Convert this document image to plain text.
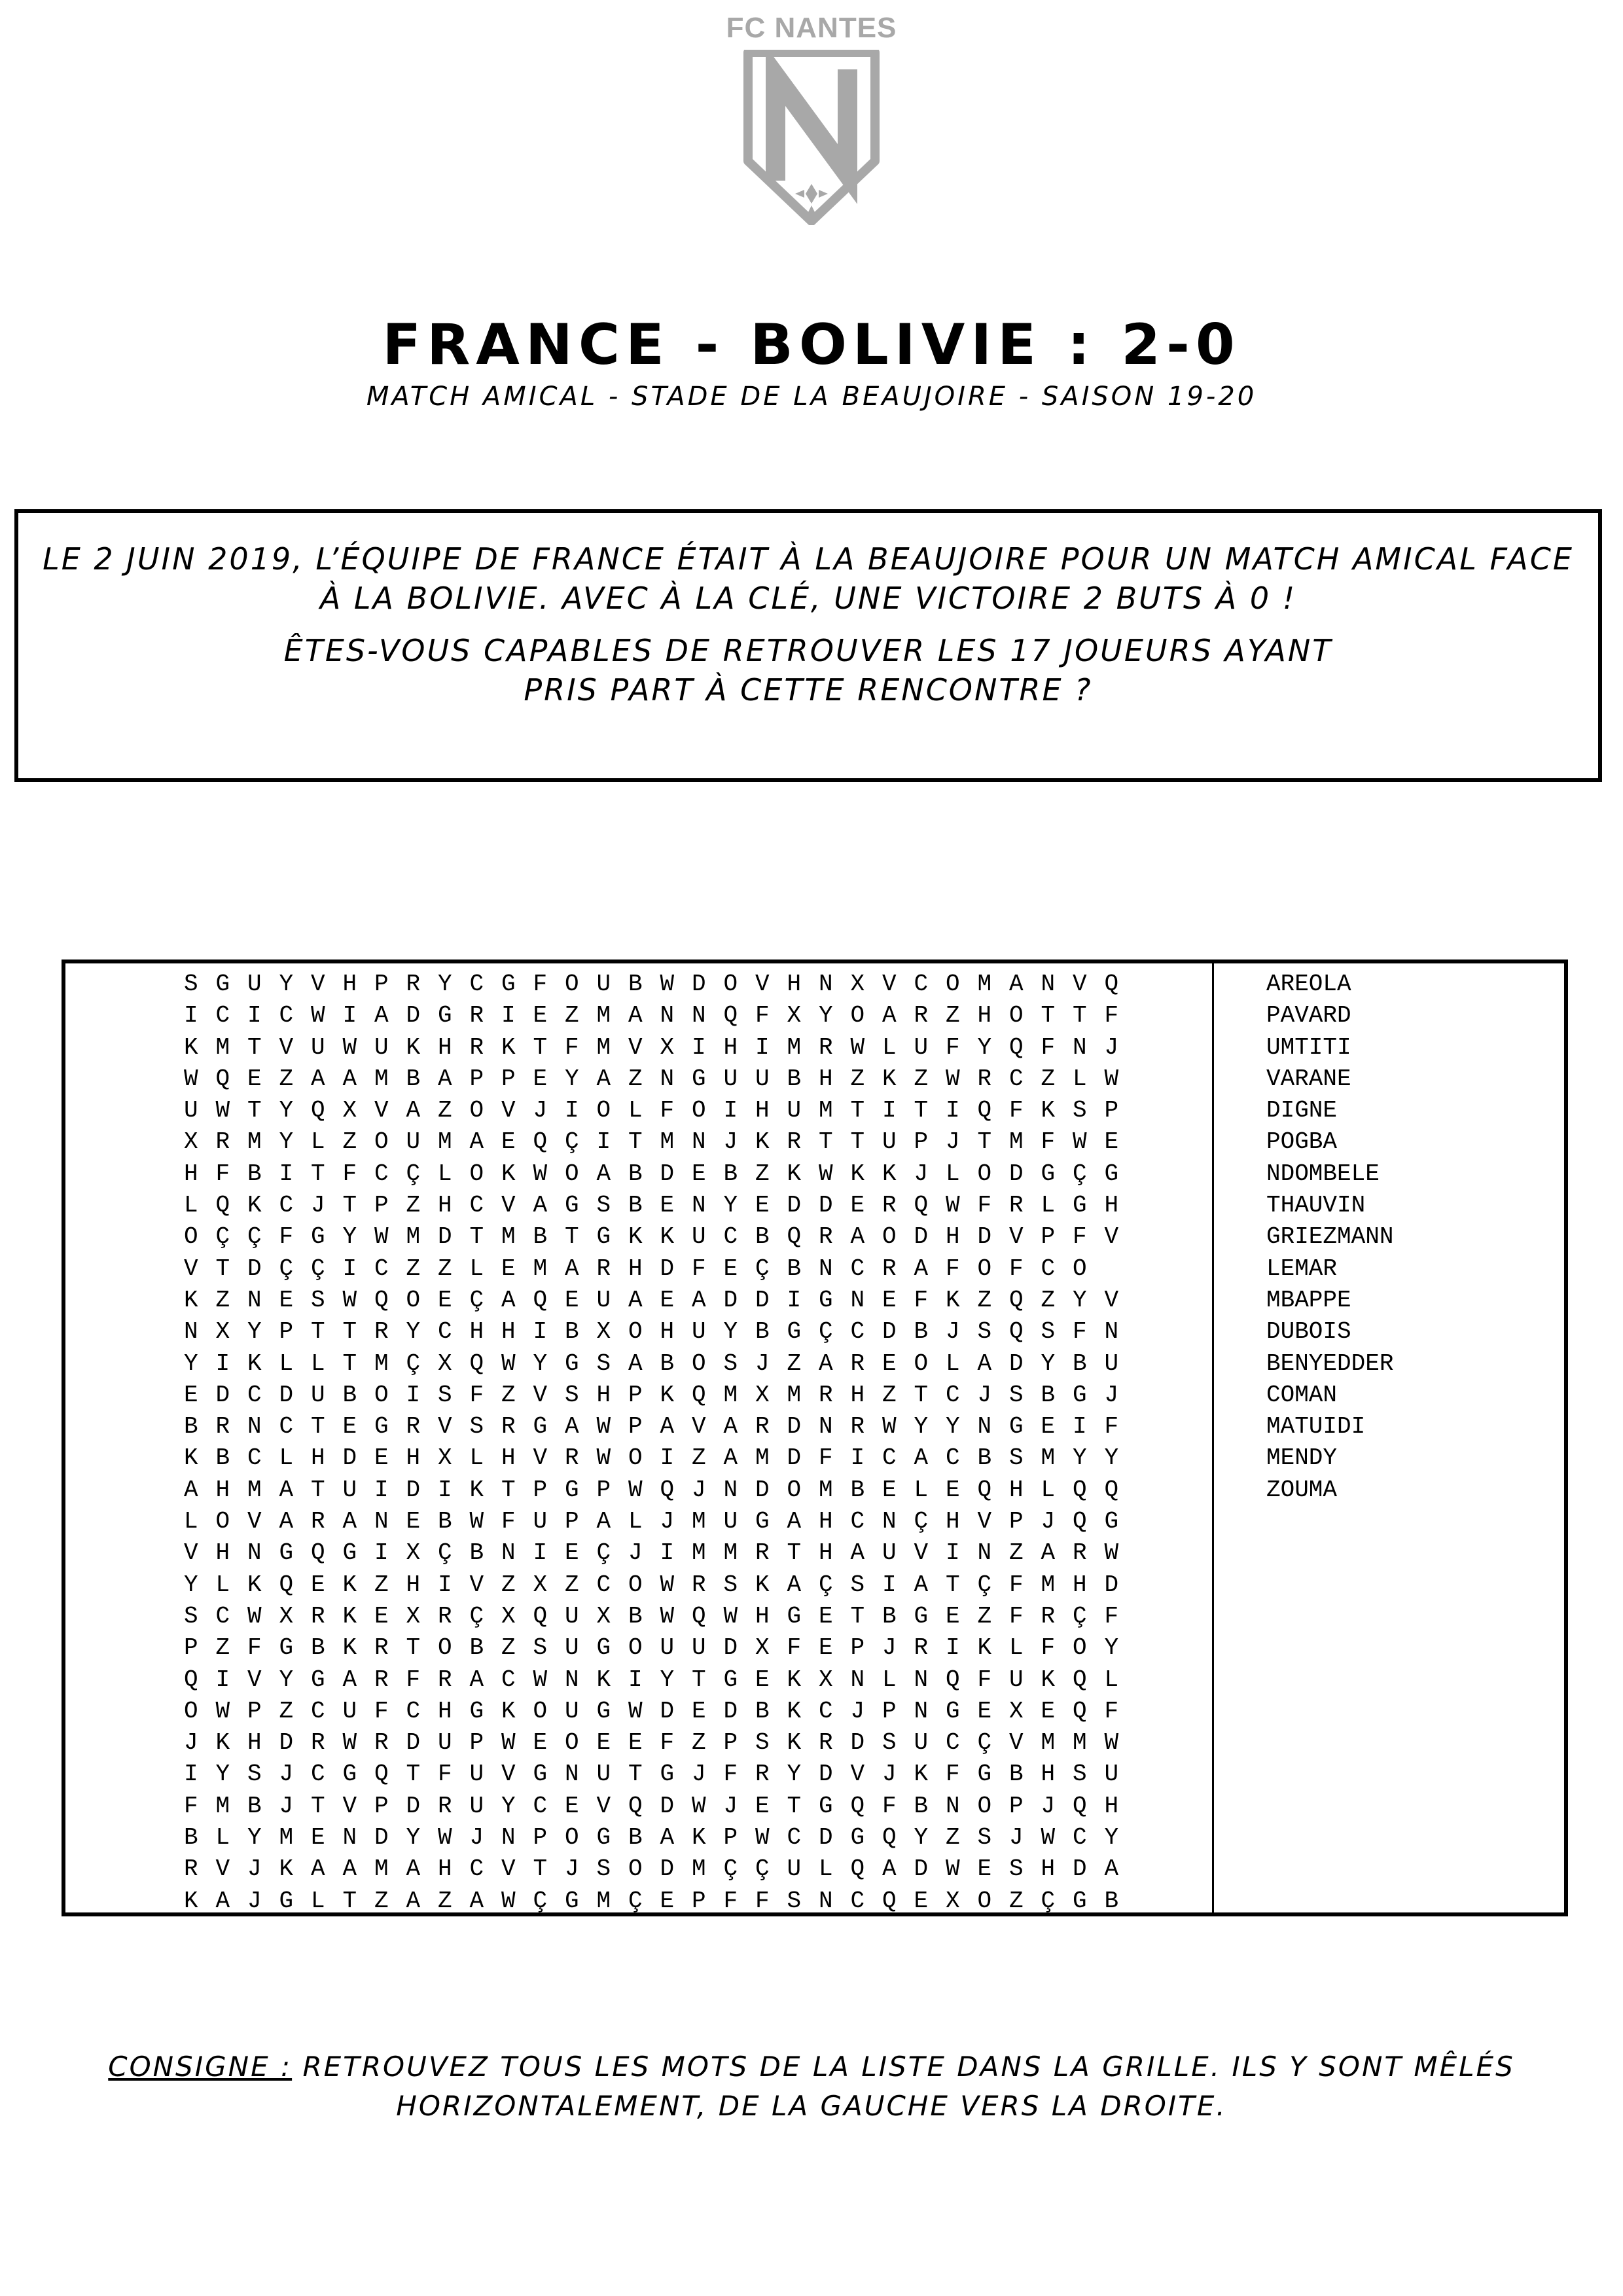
FC NANTES
FRANCE - BOLIVIE : 2-0
MATCH AMICAL - STADE DE LA BEAUJOIRE - SAISON 19-20

LE 2 JUIN 2019, L’ÉQUIPE DE FRANCE ÉTAIT À LA BEAUJOIRE POUR UN MATCH AMICAL FACE

À LA BOLIVIE. AVEC À LA CLÉ, UNE VICTOIRE 2 BUTS À 0 !

ÊTES-VOUS CAPABLES DE RETROUVER LES 17 JOUEURS AYANT

PRIS PART À CETTE RENCONTRE ?

S G U Y V H P R Y C G F O U B W D O V H N X V C O M A N V Q
I C I C W I A D G R I E Z M A N N Q F X Y O A R Z H O T T F
K M T V U W U K H R K T F M V X I H I M R W L U F Y Q F N J
W Q E Z A A M B A P P E Y A Z N G U U B H Z K Z W R C Z L W
U W T Y Q X V A Z O V J I O L F O I H U M T I T I Q F K S P
X R M Y L Z O U M A E Q Ç I T M N J K R T T U P J T M F W E
H F B I T F C Ç L O K W O A B D E B Z K W K K J L O D G Ç G
L Q K C J T P Z H C V A G S B E N Y E D D E R Q W F R L G H
O Ç Ç F G Y W M D T M B T G K K U C B Q R A O D H D V P F V
V T D Ç Ç I C Z Z L E M A R H D F E Ç B N C R A F O F C O
K Z N E S W Q O E Ç A Q E U A E A D D I G N E F K Z Q Z Y V
N X Y P T T R Y C H H I B X O H U Y B G Ç C D B J S Q S F N
Y I K L L T M Ç X Q W Y G S A B O S J Z A R E O L A D Y B U
E D C D U B O I S F Z V S H P K Q M X M R H Z T C J S B G J
B R N C T E G R V S R G A W P A V A R D N R W Y Y N G E I F
K B C L H D E H X L H V R W O I Z A M D F I C A C B S M Y Y
A H M A T U I D I K T P G P W Q J N D O M B E L E Q H L Q Q
L O V A R A N E B W F U P A L J M U G A H C N Ç H V P J Q G
V H N G Q G I X Ç B N I E Ç J I M M R T H A U V I N Z A R W
Y L K Q E K Z H I V Z X Z C O W R S K A Ç S I A T Ç F M H D
S C W X R K E X R Ç X Q U X B W Q W H G E T B G E Z F R Ç F
P Z F G B K R T O B Z S U G O U U D X F E P J R I K L F O Y
Q I V Y G A R F R A C W N K I Y T G E K X N L N Q F U K Q L
O W P Z C U F C H G K O U G W D E D B K C J P N G E X E Q F
J K H D R W R D U P W E O E E F Z P S K R D S U C Ç V M M W
I Y S J C G Q T F U V G N U T G J F R Y D V J K F G B H S U
F M B J T V P D R U Y C E V Q D W J E T G Q F B N O P J Q H
B L Y M E N D Y W J N P O G B A K P W C D G Q Y Z S J W C Y
R V J K A A M A H C V T J S O D M Ç Ç U L Q A D W E S H D A
K A J G L T Z A Z A W Ç G M Ç E P F F S N C Q E X O Z Ç G B
AREOLA
PAVARD
UMTITI
VARANE
DIGNE
POGBA
NDOMBELE
THAUVIN
GRIEZMANN
LEMAR
MBAPPE
DUBOIS
BENYEDDER
COMAN
MATUIDI
MENDY
ZOUMA

CONSIGNE : RETROUVEZ TOUS LES MOTS DE LA LISTE DANS LA GRILLE. ILS Y SONT MÊLÉS

HORIZONTALEMENT, DE LA GAUCHE VERS LA DROITE.
